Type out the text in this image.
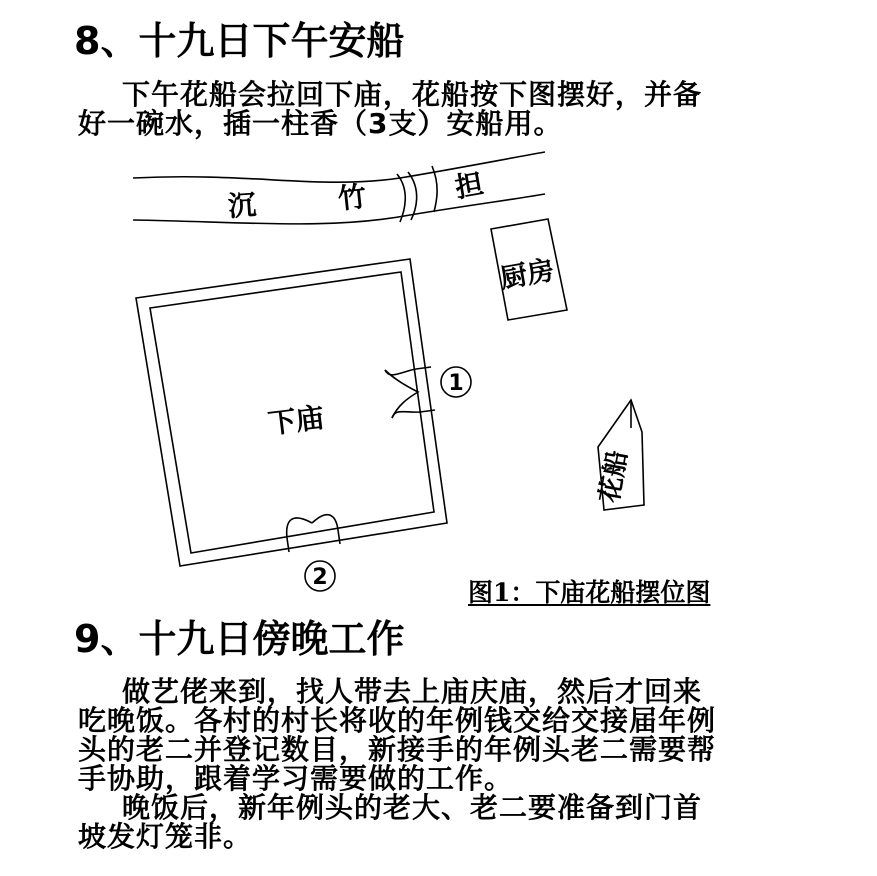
8、十九日下午安船

下午花船会拉回下庙，花船按下图摆好，并备
好一碗水，插一柱香（3支）安船用。

沉	竹	担
厨房
下庙
1
2
花船

图1：下庙花船摆位图

9、十九日傍晚工作

做艺佬来到，找人带去上庙庆庙，然后才回来
吃晚饭。各村的村长将收的年例钱交给交接届年例
头的老二并登记数目，新接手的年例头老二需要帮
手协助，跟着学习需要做的工作。
晚饭后，新年例头的老大、老二要准备到门首
坡发灯笼非。
